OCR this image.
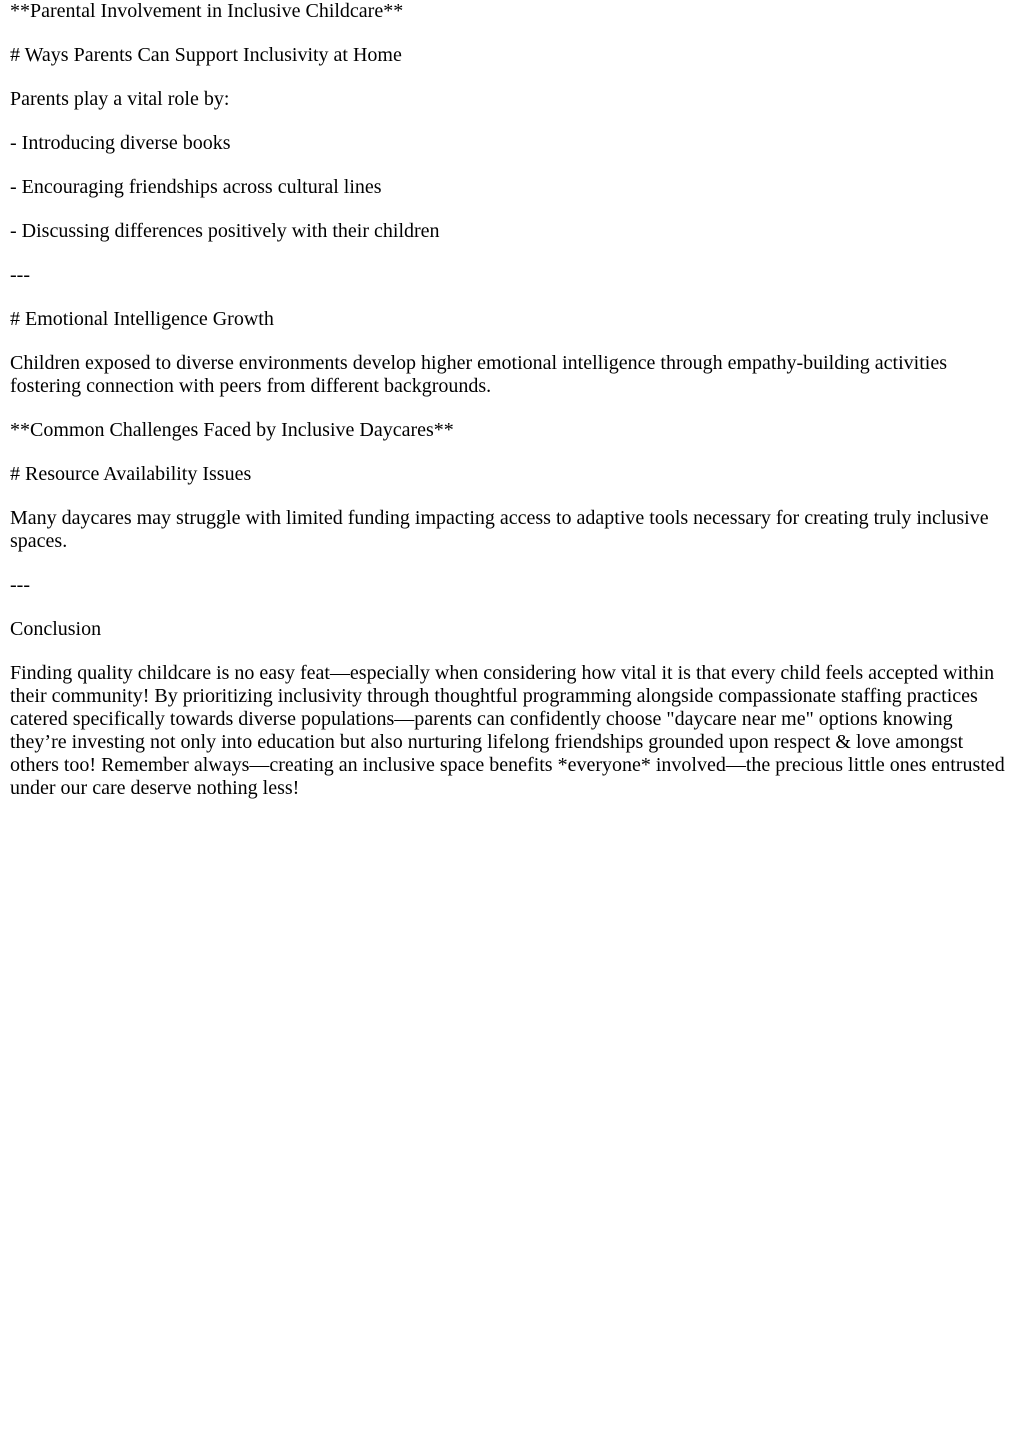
**Parental Involvement in Inclusive Childcare**

# Ways Parents Can Support Inclusivity at Home

Parents play a vital role by:

- Introducing diverse books

- Encouraging friendships across cultural lines

- Discussing differences positively with their children

---

# Emotional Intelligence Growth

Children exposed to diverse environments develop higher emotional intelligence through empathy-building activities fostering connection with peers from different backgrounds.

**Common Challenges Faced by Inclusive Daycares**

# Resource Availability Issues

Many daycares may struggle with limited funding impacting access to adaptive tools necessary for creating truly inclusive spaces.

---

Conclusion

Finding quality childcare is no easy feat—especially when considering how vital it is that every child feels accepted within their community! By prioritizing inclusivity through thoughtful programming alongside compassionate staffing practices catered specifically towards diverse populations—parents can confidently choose "daycare near me" options knowing they’re investing not only into education but also nurturing lifelong friendships grounded upon respect & love amongst others too! Remember always—creating an inclusive space benefits *everyone* involved—the precious little ones entrusted under our care deserve nothing less!
